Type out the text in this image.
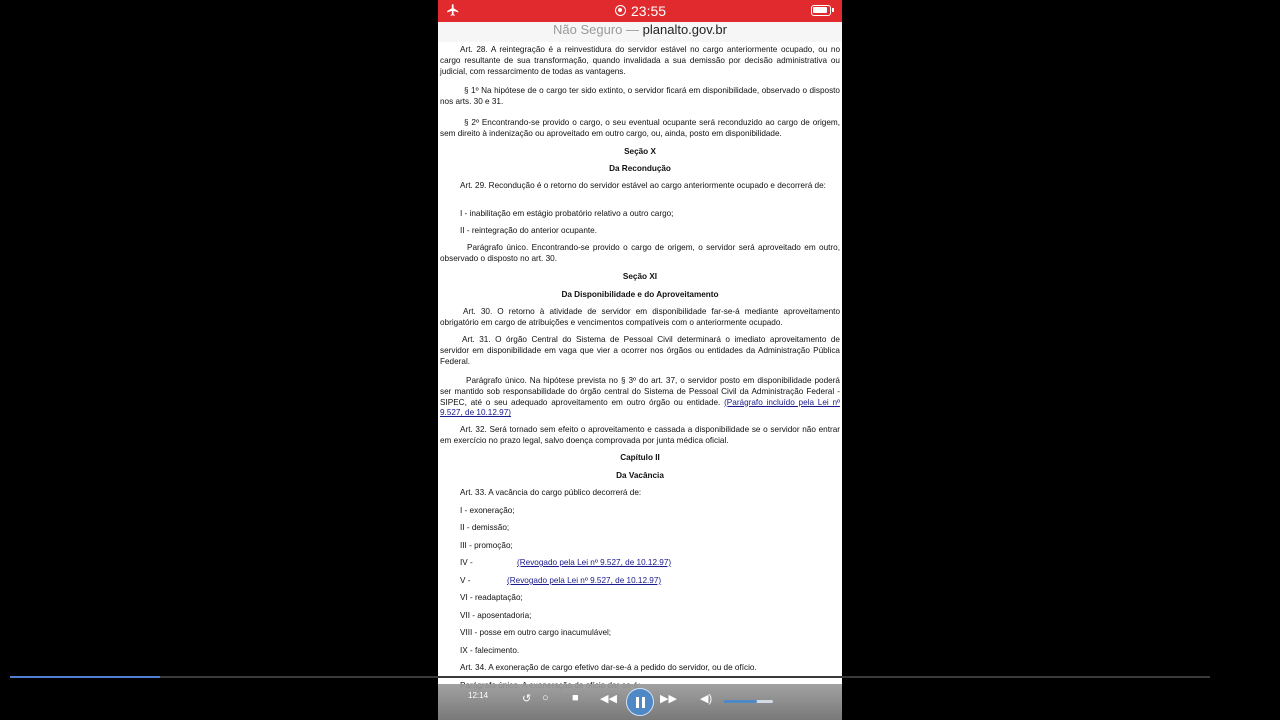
23:55
Não Seguro — planalto.gov.br
Art. 28. A reintegração é a reinvestidura do servidor estável no cargo anteriormente ocupado, ou no cargo resultante de sua transformação, quando invalidada a sua demissão por decisão administrativa ou judicial, com ressarcimento de todas as vantagens.
§ 1º Na hipótese de o cargo ter sido extinto, o servidor ficará em disponibilidade, observado o disposto nos arts. 30 e 31.
§ 2º Encontrando-se provido o cargo, o seu eventual ocupante será reconduzido ao cargo de origem, sem direito à indenização ou aproveitado em outro cargo, ou, ainda, posto em disponibilidade.
Seção X
Da Recondução
Art. 29. Recondução é o retorno do servidor estável ao cargo anteriormente ocupado e decorrerá de:
I - inabilitação em estágio probatório relativo a outro cargo;
II - reintegração do anterior ocupante.
Parágrafo único. Encontrando-se provido o cargo de origem, o servidor será aproveitado em outro, observado o disposto no art. 30.
Seção XI
Da Disponibilidade e do Aproveitamento
Art. 30. O retorno à atividade de servidor em disponibilidade far-se-á mediante aproveitamento obrigatório em cargo de atribuições e vencimentos compatíveis com o anteriormente ocupado.
Art. 31. O órgão Central do Sistema de Pessoal Civil determinará o imediato aproveitamento de servidor em disponibilidade em vaga que vier a ocorrer nos órgãos ou entidades da Administração Pública Federal.
Parágrafo único. Na hipótese prevista no § 3º do art. 37, o servidor posto em disponibilidade poderá ser mantido sob responsabilidade do órgão central do Sistema de Pessoal Civil da Administração Federal - SIPEC, até o seu adequado aproveitamento em outro órgão ou entidade. (Parágrafo incluído pela Lei nº 9.527, de 10.12.97)
Art. 32. Será tornado sem efeito o aproveitamento e cassada a disponibilidade se o servidor não entrar em exercício no prazo legal, salvo doença comprovada por junta médica oficial.
Capítulo II
Da Vacância
Art. 33. A vacância do cargo público decorrerá de:
I - exoneração;
II - demissão;
III - promoção;
IV -	(Revogado pela Lei nº 9.527, de 10.12.97)
V -	(Revogado pela Lei nº 9.527, de 10.12.97)
VI - readaptação;
VII - aposentadoria;
VIII - posse em outro cargo inacumulável;
IX - falecimento.
Art. 34. A exoneração de cargo efetivo dar-se-á a pedido do servidor, ou de ofício.
12:14	↺ ○ ■ ◀◀	▶▶ ◀)
